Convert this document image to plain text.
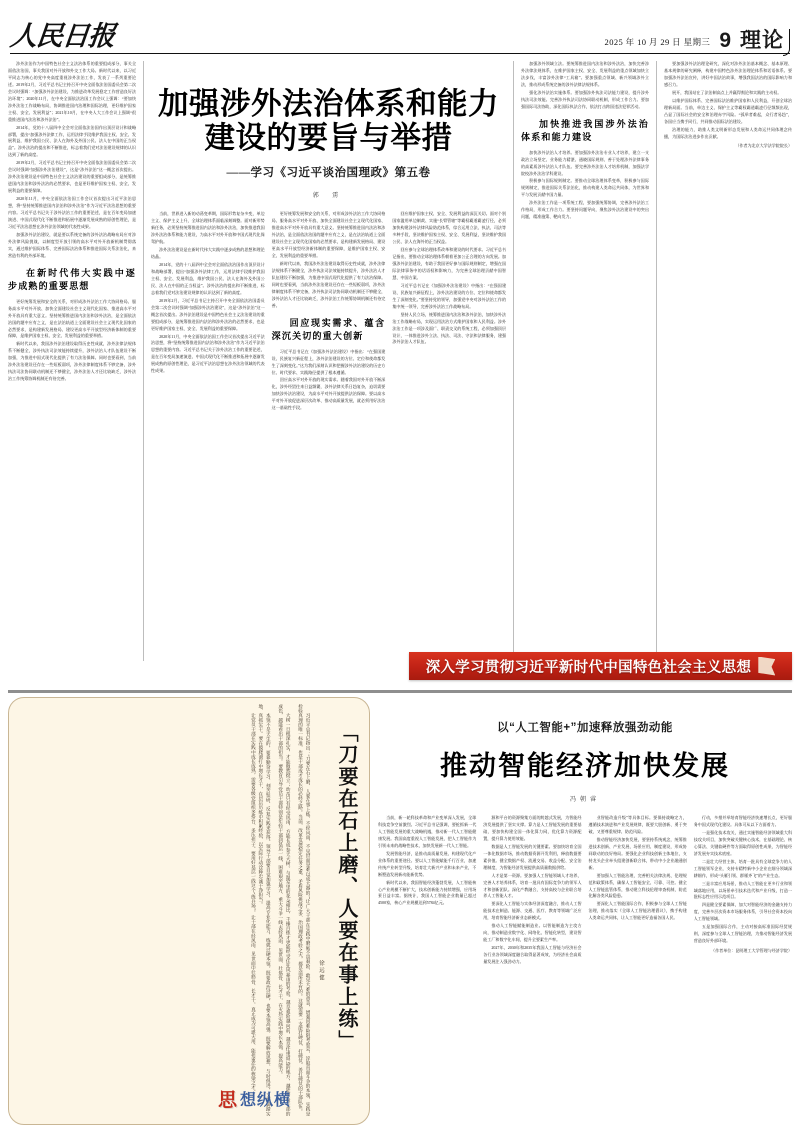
人民日报	2025 年 10 月 29 日 星期三 9 理论

涉外法治作为中国特色社会主义法治体系的重要组成部分，事关全面依法治国，事关我国对外开放和外交工作大局。新时代以来，以习近平同志为核心的党中央高度重视涉外法治工作，发表了一系列重要论述。2019年2月，习近平总书记主持召开中央全面依法治国委员会第二次会议时强调：“加强涉外法治建设，为推进改革发展稳定工作营造良好法治环境”；2020年11月，在中央全面依法治国工作会议上强调：“要加快涉外法治工作战略布局，协调推进国内治理和国际治理，更好维护国家主权、安全、发展利益”；2021年10月，在中央人大工作会议上强调“很重推进国内法治和涉外法治”。

2014年，党的十八届四中全会对全面依法治国作出顶层设计和战略部署，提出“加强涉外法律工作，运用法律手段维护我国主权、安全、发展利益，维护我国公民、法人在海外及外国公民、法人在中国的正当权益”。涉外法治的提出和不断推进，标志着我们党对法治建设规律的认识达到了新的高度。

2019年2月，习近平总书记主持召开中央全面依法治国委员会第二次会议时强调“加强涉外法治建设”，这是“涉外法治”这一概念首次提出。涉外法治建设是中国特色社会主义法治建设的重要组成部分，是统筹推进国内法治和涉外法治的必然要求，也是更好维护国家主权、安全、发展利益的重要保障。

2020年11月，中央全面依法治国工作会议首次提出习近平法治思想，将“坚持统筹推进国内法治和涉外法治”作为习近平法治思想的重要内容。习近平总书记关于涉外法治工作的重要论述，是在百年变局加速演进、中国式现代化不断推进和拓展中逐渐发展成熟的原创性理论，是习近平法治思想在涉外法治领域的代表性成果。

加强涉外法治建设，就是要以系统完备的涉外法治战略布局应对涉外法律风险挑战，以制度型开放引领的高水平对外开放新机制贯彻落实，通过维护国际体系、完善国际法治体系和推进国际关系法治化，来营造有利的外部环境。

在新时代伟大实践中逐步成熟的重要思想

更好统筹发展和安全的关系，对形成涉外法治工作大协同格局、服务高水平对外开放、加快全面建设社会主义现代化国家、推进高水平对外开放具有重大意义。坚持统筹推进国内法治和涉外法治，是全面依法治国的题中应有之义，是在法治轨道上全面建设社会主义现代化国家的必然要求，是构建新发展格局、建设更高水平开放型经济新体制的重要保障，是维护国家主权、安全、发展利益的重要举措。

新时代以来，我国涉外法治建设取得历史性成就，涉外法律法规体系不断健全，涉外执法司法效能持续提升，涉外法治人才队伍建设不断加强，为推进中国式现代化提供了有力法治保障。同时也要看到，当前涉外法治建设还存在一些短板弱项，涉外法律制度体系不够完备，涉外执法司法协同联动机制还不够健全，涉外法治人才还比较缺乏，涉外法治工作统筹协调机制还有待完善。

加强涉外法治体系和能力建设的要旨与举措
——学习《习近平谈治国理政》第五卷
郭 雳

当前，世界进入新的动荡变革期，国际形势复杂多变，单边主义、保护主义上升，全球治理体系面临深刻调整。面对新形势新任务，必须坚持统筹推进国内法治和涉外法治，加快推进我国涉外法治体系和能力建设，为高水平对外开放和中国式现代化保驾护航。

涉外法治建设是在新时代伟大实践中逐步成熟的思想和理论结晶。

2014年，党的十八届四中全会对全面依法治国作出顶层设计和战略部署，提出“加强涉外法律工作，运用法律手段维护我国主权、安全、发展利益，维护我国公民、法人在海外及外国公民、法人在中国的正当权益”。涉外法治的提出和不断推进，标志着我们党对法治建设规律的认识达到了新的高度。

2019年2月，习近平总书记主持召开中央全面依法治国委员会第二次会议时强调“加强涉外法治建设”，这是“涉外法治”这一概念首次提出。涉外法治建设是中国特色社会主义法治建设的重要组成部分，是统筹推进国内法治和涉外法治的必然要求，也是更好维护国家主权、安全、发展利益的重要保障。

2020年11月，中央全面依法治国工作会议首次提出习近平法治思想，将“坚持统筹推进国内法治和涉外法治”作为习近平法治思想的重要内容。习近平总书记关于涉外法治工作的重要论述，是在百年变局加速演进、中国式现代化不断推进和拓展中逐渐发展成熟的原创性理论，是习近平法治思想在涉外法治领域的代表性成果。

更好统筹发展和安全的关系，对形成涉外法治工作大协同格局、服务高水平对外开放、加快全面建设社会主义现代化国家、推进高水平对外开放具有重大意义。坚持统筹推进国内法治和涉外法治，是全面依法治国的题中应有之义，是在法治轨道上全面建设社会主义现代化国家的必然要求，是构建新发展格局、建设更高水平开放型经济新体制的重要保障，是维护国家主权、安全、发展利益的重要举措。

新时代以来，我国涉外法治建设取得历史性成就，涉外法律法规体系不断健全，涉外执法司法效能持续提升，涉外法治人才队伍建设不断加强，为推进中国式现代化提供了有力法治保障。同时也要看到，当前涉外法治建设还存在一些短板弱项，涉外法律制度体系不够完备，涉外执法司法协同联动机制还不够健全，涉外法治人才还比较缺乏，涉外法治工作统筹协调机制还有待完善。

回应现实需求、蕴含深沉关切的重大创新

习近平总书记在《加强涉外法治建设》中指出：“在强国建设、民族复兴新征程上，涉外法治建设的方位、定位和使命都发生了深刻变化。”这为我们深刻认识和把握涉外法治建设的历史方位、时代要求、实践路径提供了根本遵循。

回应高水平对外开放的现实需求。随着我国对外开放不断深化，涉外经贸往来日益频繁，涉外法律关系日趋复杂，迫切需要加快涉外法治建设，为高水平对外开放提供法治保障。要以高水平对外开放促进深层次改革、推动高质量发展，就必须用好法治这一基础性手段。

回应维护国家主权、安全、发展利益的深沉关切。面对个别国家滥用单边制裁、实施“长臂管辖”等霸权霸道霸凌行径，必须加快构建涉外法律风险防范体系，综合运用立法、执法、司法等多种手段，坚决维护国家主权、安全、发展利益，坚决维护我国公民、法人在海外的正当权益。

回应参与全球治理体系改革和建设的时代要求。习近平总书记指出，要推动全球治理体系朝着更加公正合理的方向发展。加强涉外法治建设，有助于我国更好参与国际规则制定，增强在国际法律事务中的话语权和影响力，为完善全球治理贡献中国智慧、中国方案。

习近平总书记在《加强涉外法治建设》中指出：“在强国建设、民族复兴新征程上，涉外法治建设的方位、定位和使命都发生了深刻变化。”要坚持党的领导，加强党中央对涉外法治工作的集中统一领导，完善涉外法治工作战略布局。

坚持人民立场，统筹推进国内法治和涉外法治，加快涉外法治工作战略布局，实现运用法治方式维护国家和人民利益。涉外法治工作是一项涉及面广、职责交叉的系统工程，必须加强顶层设计，一体推进涉外立法、执法、司法、守法和法律服务，建强涉外法治人才队伍。

加强涉外领域立法。要统筹推进国内法治和涉外法治，加快完善涉外法律法规体系，在维护国家主权、安全、发展利益的重点领域加快立法步伐，丰富涉外法律“工具箱”。要加强重点领域、新兴领域涉外立法，推动形成系统完备的涉外法律法规体系。

强化涉外法治实施体系。要加强涉外执法司法能力建设，提升涉外执法司法效能。完善涉外执法司法协同联动机制，形成工作合力。要加强国际司法协助，深化国际执法合作，依法打击跨国违法犯罪活动。

加快推进我国涉外法治体系和能力建设

加快涉外法治人才培养。要加强涉外法治专业人才培养，建立一支政治立场坚定、业务能力精湛、通晓国际规则、善于处理涉外法律事务的高素质涉外法治人才队伍。要完善涉外法治人才培养机制，加强法学院校涉外法治学科建设。

积极参与国际规则制定。要推动全球治理体系变革，积极参与国际规则制定，推进国际关系法治化，推动构建人类命运共同体，为世界和平与发展贡献中国力量。

涉外法治工作是一项系统工程，要加强统筹协调，完善涉外法治工作格局，形成工作合力。要坚持问题导向，聚焦涉外法治建设中的突出问题，精准施策、靶向发力。

要加强涉外法治理论研究，深化对涉外法治基本概念、基本原理、基本规律的研究阐释，构建中国特色涉外法治理论体系和话语体系。要加强涉外法治宣传，讲好中国法治故事，增强我国法治的国际影响力和感召力。

展开，我国站在了法治制高点上并赢得舆论和实践的主动权。

以维护国际体系、完善国际法治维护国家和人民利益，开创全球治理新局面。当前，单边主义、保护主义等霸权霸道霸凌行径频频出现，凸显了国际社会的安全和治理赤字风险。“孤举者难起，众行者易趋”，各国应当携手同行，共同推动国际法治建设。

治理的能力，助推人类文明新形态发展和人类命运共同体理念传播，为国际法治进步作出贡献。

（作者为北京大学法学院院长）
深入学习贯彻习近平新时代中国特色社会主义思想
「刀要在石上磨、人要在事上练」
徐远健

习近平总书记指出：“刀要在石上磨、人要在事上练，不经风雨、不见世面是难以成大器的。”让广大干部在实践中磨砺不畏艰险、敢见大难的意志，增强因难险阻考验会，淬取直面斗争的本领，实践是检验真理的唯一标准，也是干部成才成长的必经之路。当前，改革发展稳定任务之重、矛盾风险挑战之多、治国理政考验之大，都是前所未有的。这就需要一支能打硬仗、打硬仗、善打硬仗的干部队伍。

大树一旦根深扎实，才能傲然挺立；幼苗只有经受风雨，方能长成参天大树。与温室里的花朵相比，千锤百炼才更能经受住狂风暴雨的考验。越是艰险越向前，越是任重道远的地方，越能考验干部的成色，越能看出干部的担当。要教育引导党员干部特别是年轻干部到基层一线、困难艰苦地方、重大斗争一线去经风雨、见世面、壮筋骨、长才干，在火热实践中增长本领、提高能力。

本领不是天生的，要靠勤奋学习、刻苦钻研、反复实践来获得。领导干部要自觉加强学习，提高专业化能力，练就过硬本领。既要政治过硬，也要本领高强，既要解放思想、与时俱进，又要脚踏实地、真抓实干。要在摸爬滚打中增长才干，在层层历练中积累经验，以实际行动诠释忠诚干净担当。

让党员干部在实践中成长成熟，需要各级党组织多搭台、多压担子。要用好基层一线这个“练兵场”，让干部在经风雨、见世面中壮筋骨、长才干，真正成为可堪大用、能担重任的栋梁之才。

思 想纵横
以“人工智能+”加速释放强劲动能
推动智能经济加快发展
冯朝睿

当前，新一轮科技革命和产业变革深入发展，全球科技竞争空前激烈。习近平总书记强调，要抢抓新一代人工智能发展的重大战略机遇，推动新一代人工智能健康发展。我国高度重视人工智能发展，把人工智能作为引领未来的战略性技术，加快发展新一代人工智能。

发展智能经济，是推动高质量发展、构建现代化产业体系的重要途径。要以人工智能赋能千行百业，加速传统产业转型升级，培育壮大新兴产业和未来产业，不断塑造发展新动能新优势。

新时代以来，我国智能经济蓬勃发展，人工智能核心产业规模不断扩大，技术创新能力持续增强，应用场景日益丰富。据统计，我国人工智能企业数量已超过4500家，核心产业规模达到5784亿元。

源和平台的资源聚集方面的跨越式发展，为智能经济发展提供了坚实支撑。算力是人工智能发展的重要基础，要加快构建全国一体化算力网，优化算力资源配置，提升算力使用效能。

数据是人工智能发展的关键要素。要加快培育全国一体化数据市场，推动数据资源开发利用，释放数据要素价值。健全数据产权、流通交易、收益分配、安全治理制度，为智能经济发展提供高质量数据供给。

人才是第一资源。要加强人工智能领域人才培养，完善人才培养体系，培育一批具有国际竞争力的领军人才和创新团队。深化产教融合，支持高校与企业联合培养人工智能人才。

要深化人工智能与实体经济深度融合，推动人工智能技术在制造、能源、交通、医疗、教育等领域广泛应用，培育智能经济新业态新模式。

推动人工智能赋能制造业。以智能制造为主攻方向，推动制造业数字化、网络化、智能化转型，建设智能工厂和数字化车间，提升全要素生产率。

2027年、2030年和2035年我国人工智能与经济社会各行业各领域深度融合取得显著成效，为经济社会高质量发展注入强劲动力。

业智能改造升级”等具体目标。要保持战略定力，遵循技术演进和产业发展规律，既要大胆创新、勇于突破，又要尊重规律、防范风险。

推动智能经济加快发展，要坚持系统观念，统筹推进技术创新、产业发展、场景应用、制度建设，形成协同联动的良好格局。要强化企业科技创新主体地位，支持龙头企业牵头组建创新联合体，带动中小企业融通创新。

要加强人工智能治理，完善相关法律法规、伦理规范和政策体系，确保人工智能安全、可靠、可控。健全人工智能监管体系，推动建立科技伦理审查机制，防范化解各类风险隐患。

要深化人工智能国际合作，积极参与全球人工智能治理，推动落实《全球人工智能治理倡议》，携手构建人类命运共同体，让人工智能更好造福各国人民。

行动，多措并举培育智能经济快速增长点，更好服务中国式现代化建设。具体可从以下方面着力。

一是强化技术攻关，通过实施智能经济领域重大科技攻关项目，加快突破关键核心技术，在基础理论、核心算法、关键软硬件等方面取得原创性成果，为智能经济发展夯实技术底座。

二是壮大经营主体，培育一批具有全球竞争力的人工智能领军企业，支持专精特新中小企业在细分领域深耕细作，形成“头雁引领、群雁齐飞”的产业生态。

三是丰富应用场景，推动人工智能在更多行业和领域落地应用，以场景牵引技术迭代和产业升级，打造一批标志性应用示范项目。

四是健全要素保障，加大对智能经济的金融支持力度，完善多层次资本市场服务体系，引导社会资本投向人工智能领域。

五是加强国际合作，主动对接高标准国际经贸规则，深度参与全球人工智能治理，为推动智能经济发展营造良好外部环境。

（作者单位：昆明理工大学管理与经济学院）
